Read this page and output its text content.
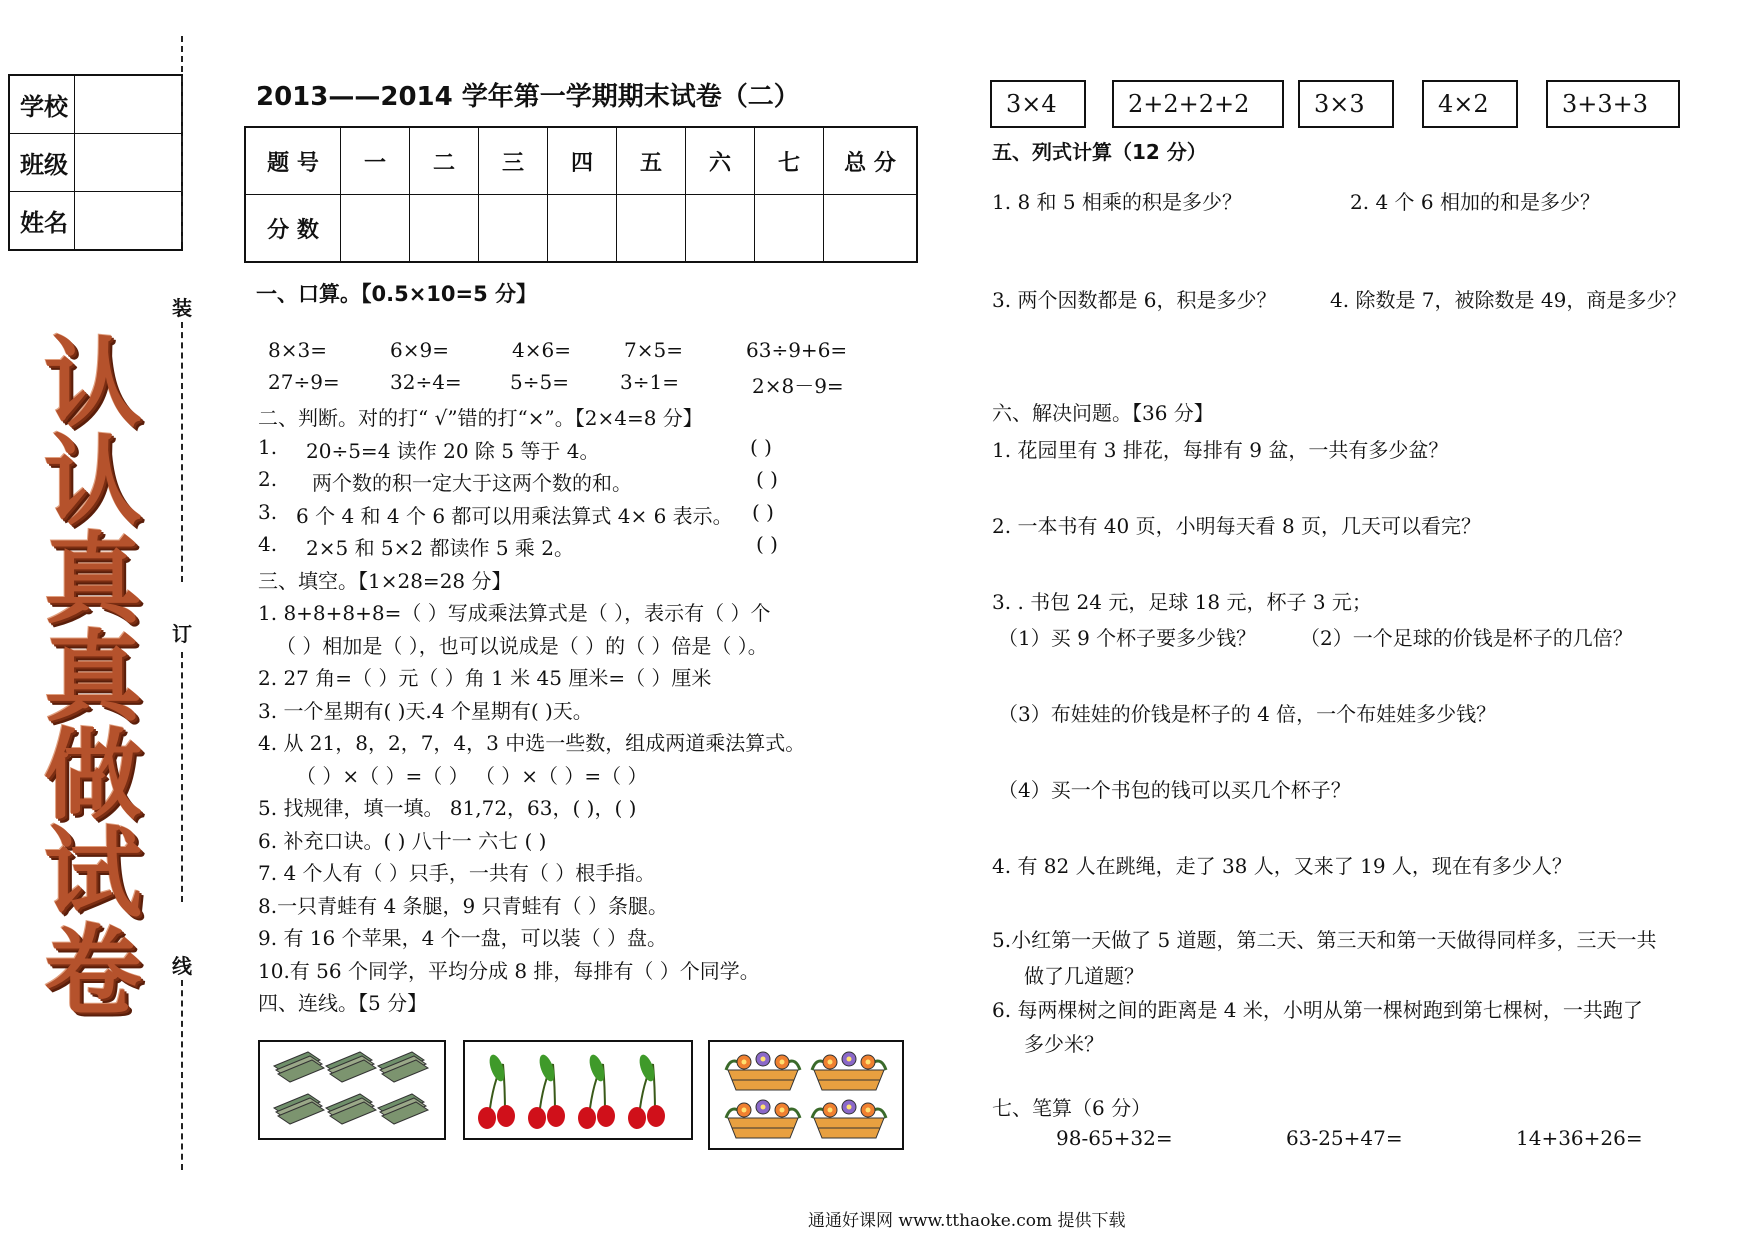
学校	
班级	
姓名	
装
订
线
认
认
真
真
做
试
卷
2013——2014 学年第一学期期末试卷（二）
题 号	一	二	三	四	五	六	七	总 分
分 数								
一、口算。【0.5×10=5 分】
8×3=	6×9=	4×6=	7×5=	63÷9+6=
27÷9=	32÷4= 5÷5=	3÷1=	2×8－9=
二、判断。对的打“ √”错的打“×”。【2×4=8 分】
1. 20÷5=4 读作 20 除 5 等于 4。	( )
2. 两个数的积一定大于这两个数的和。	( )
3. 6 个 4 和 4 个 6 都可以用乘法算式 4× 6 表示。 ( )
4. 2×5 和 5×2 都读作 5 乘 2。	( )
三、填空。【1×28=28 分】
1. 8+8+8+8=（ ）写成乘法算式是（ ），表示有（ ）个
（ ）相加是（ ），也可以说成是（ ）的（ ）倍是（ ）。
2. 27 角=（ ）元（ ）角 1 米 45 厘米=（ ）厘米
3. 一个星期有( )天.4 个星期有( )天。
4. 从 21，8，2，7，4，3 中选一些数，组成两道乘法算式。
（ ）×（ ）=（ ） （ ）×（ ）=（ ）
5. 找规律，填一填。 81,72，63，( )，( )
6. 补充口诀。( ) 八十一 六七 ( )
7. 4 个人有（ ）只手，一共有（ ）根手指。
8.一只青蛙有 4 条腿，9 只青蛙有（ ）条腿。
9. 有 16 个苹果，4 个一盘，可以装（ ）盘。
10.有 56 个同学，平均分成 8 排，每排有（ ）个同学。
四、连线。【5 分】
3×4	2+2+2+2	3×3	4×2	3+3+3
五、列式计算（12 分）
1. 8 和 5 相乘的积是多少？	2. 4 个 6 相加的和是多少？
3. 两个因数都是 6，积是多少？	4. 除数是 7，被除数是 49，商是多少？
六、解决问题。【36 分】
1. 花园里有 3 排花，每排有 9 盆，一共有多少盆？
2. 一本书有 40 页，小明每天看 8 页，几天可以看完？
3. . 书包 24 元，足球 18 元，杯子 3 元；
（1）买 9 个杯子要多少钱？ （2）一个足球的价钱是杯子的几倍？
（3）布娃娃的价钱是杯子的 4 倍，一个布娃娃多少钱？
（4）买一个书包的钱可以买几个杯子？
4. 有 82 人在跳绳，走了 38 人，又来了 19 人，现在有多少人？
5.小红第一天做了 5 道题，第二天、第三天和第一天做得同样多，三天一共
做了几道题？
6. 每两棵树之间的距离是 4 米，小明从第一棵树跑到第七棵树，一共跑了
多少米？
七、笔算（6 分）
98-65+32=	63-25+47=	14+36+26=
通通好课网 www.tthaoke.com 提供下载
